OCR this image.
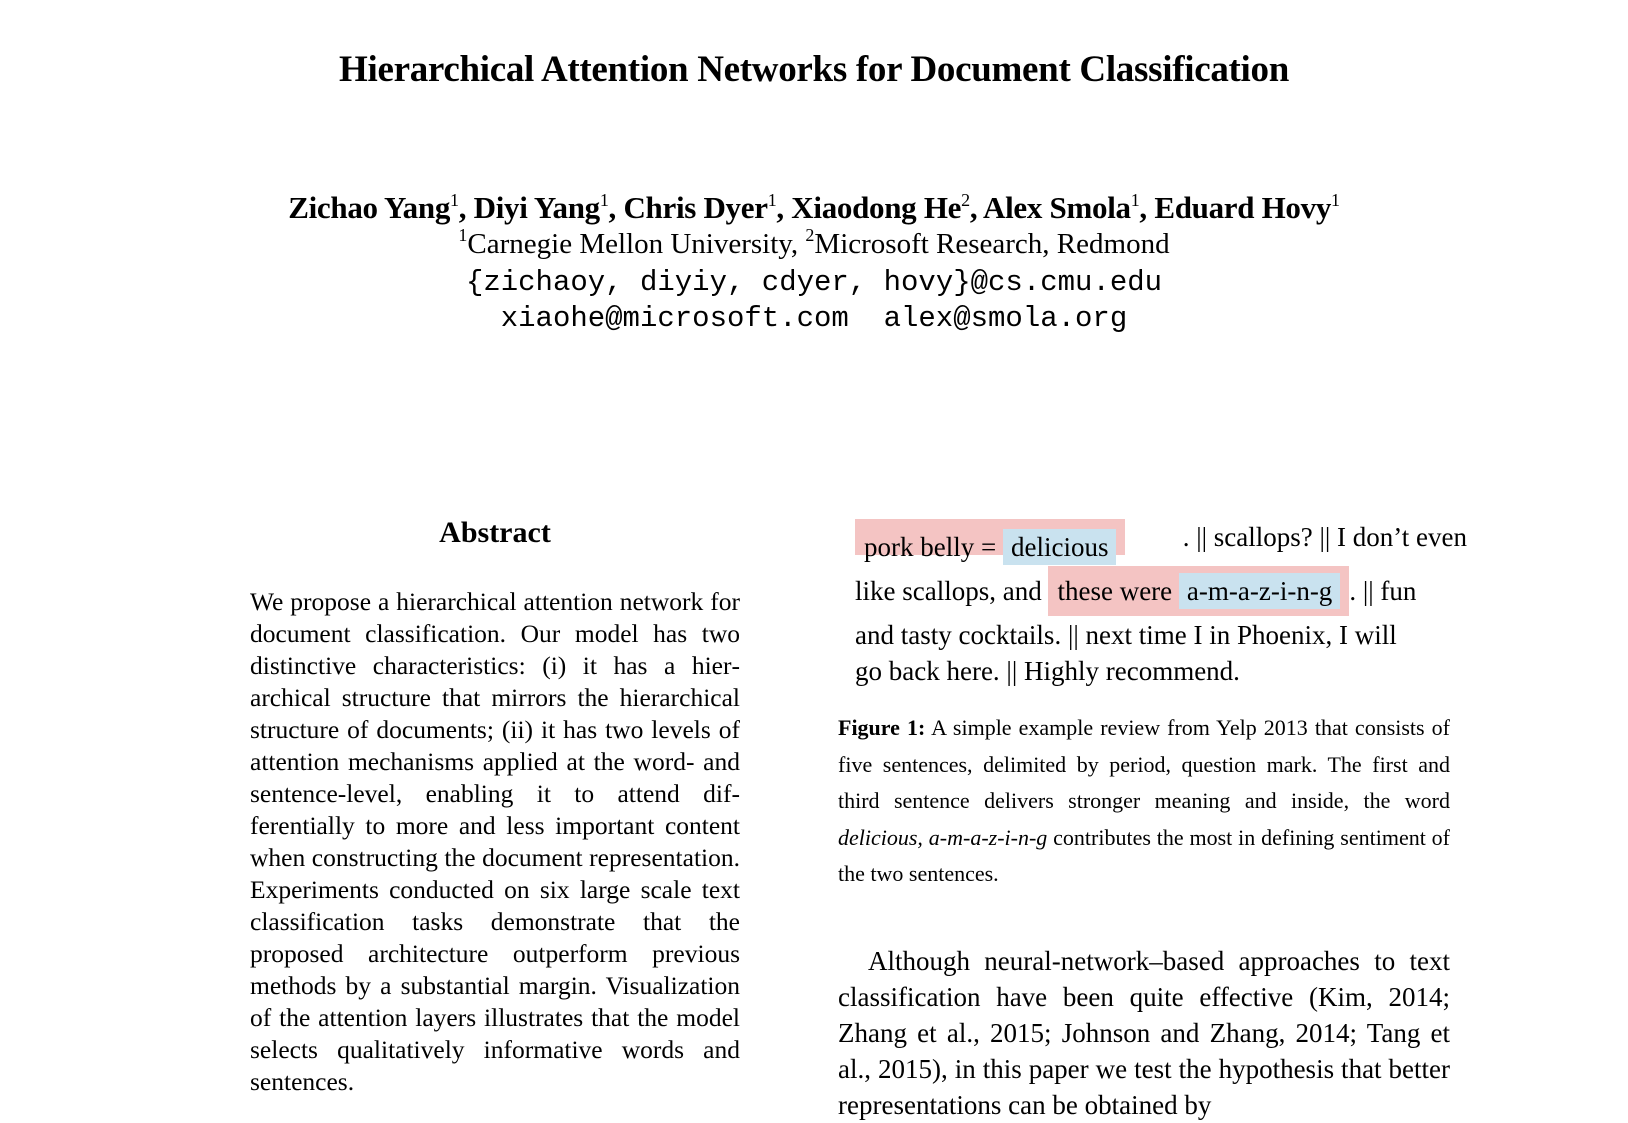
Hierarchical Attention Networks for Document Classification
Zichao Yang$^1$, Diyi Yang$^1$, Chris Dyer$^1$, Xiaodong He$^2$, Alex Smola$^1$, Eduard Hovy$^1$
$^1$Carnegie Mellon University, $^2$Microsoft Research, Redmond
{zichaoy, diyiy, cdyer, hovy}@cs.cmu.edu
xiaohe@microsoft.com  alex@smola.org
Abstract
We propose a hierarchical attention network for document classification. Our model has two distinctive characteristics: (i) it has a hierarchical structure that mirrors the hierarchical structure of documents; (ii) it has two levels of attention mechanisms applied at the word- and sentence-level, enabling it to attend differentially to more and less important content when constructing the document representation. Experiments conducted on six large scale text classification tasks demonstrate that the proposed architecture outperform previous methods by a substantial margin. Visualization of the attention layers illustrates that the model selects qualitatively informative words and sentences.
pork belly = delicious	. || scallops? || I don’t even
like scallops, and these were a-m-a-z-i-n-g . || fun
and tasty cocktails. || next time I in Phoenix, I will
go back here. || Highly recommend.
Figure 1: A simple example review from Yelp 2013 that consists of five sentences, delimited by period, question mark. The first and third sentence delivers stronger meaning and inside, the word delicious, a-m-a-z-i-n-g contributes the most in defining sentiment of the two sentences.
Although neural-network–based approaches to text classification have been quite effective (Kim, 2014; Zhang et al., 2015; Johnson and Zhang, 2014; Tang et al., 2015), in this paper we test the hypothesis that better representations can be obtained by
